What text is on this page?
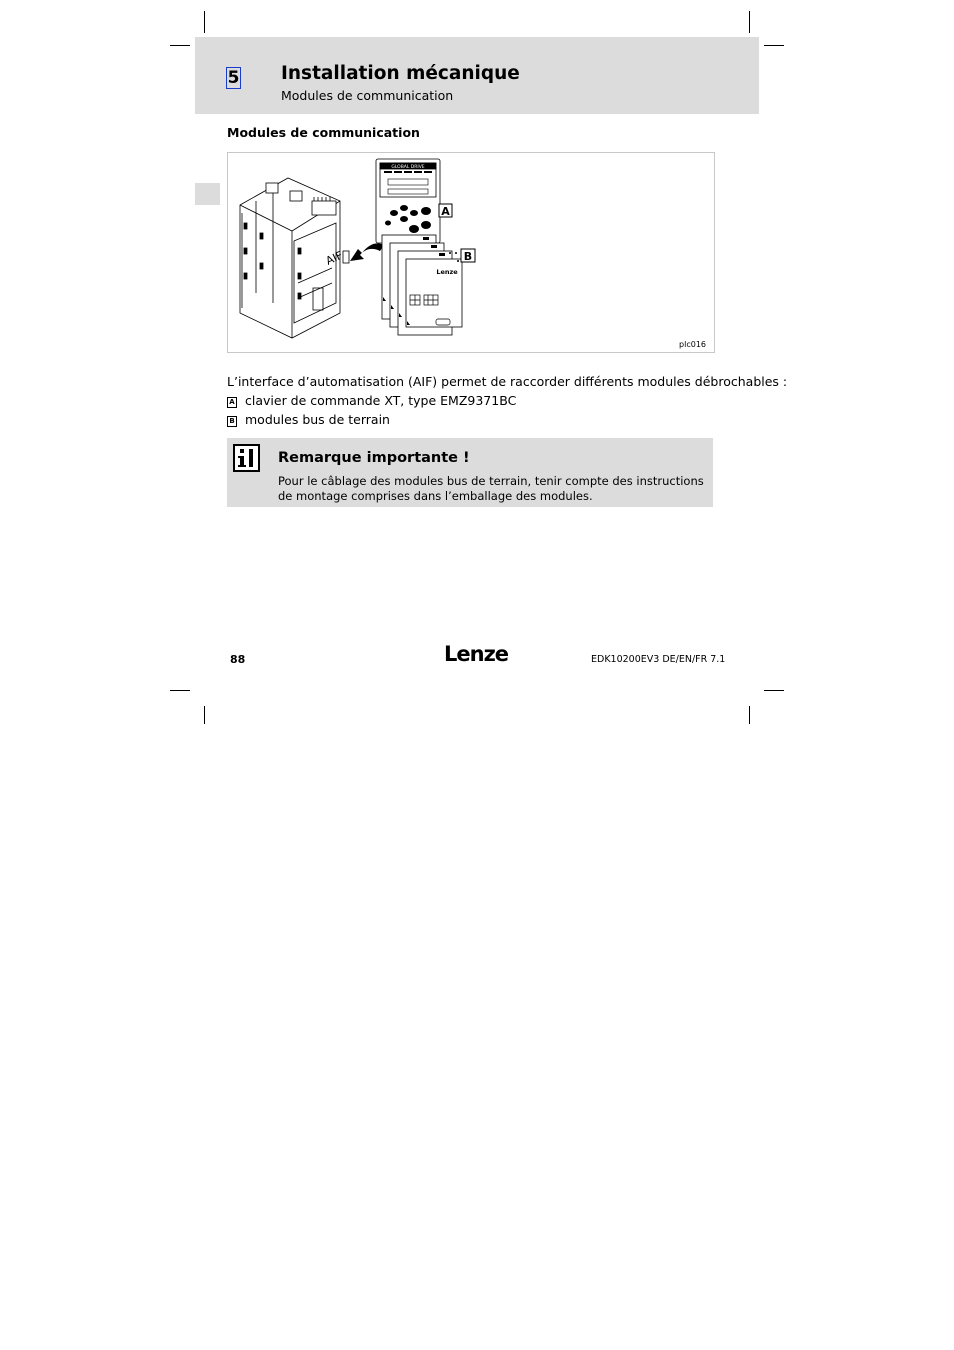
5 Installation mécanique
Modules de communication
Modules de communication
AIF
GLOBAL DRIVE
A
Lenze
B
plc016
L’interface d’automatisation (AIF) permet de raccorder différents modules débrochables :
A clavier de commande XT, type EMZ9371BC
B modules bus de terrain
Remarque importante !
Pour le câblage des modules bus de terrain, tenir compte des instructions de montage comprises dans l’emballage des modules.
88	Lenze	EDK10200EV3 DE/EN/FR 7.1
